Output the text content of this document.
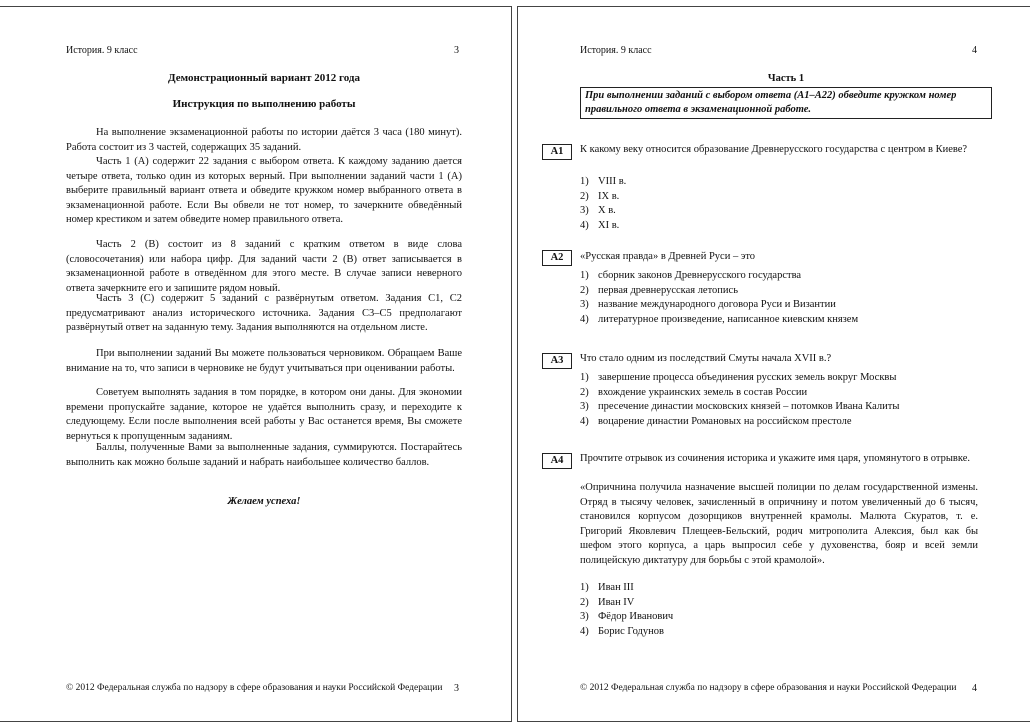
История. 9 класс	3
Демонстрационный вариант 2012 года
Инструкция по выполнению работы

На выполнение экзаменационной работы по истории даётся 3 часа (180 минут). Работа состоит из 3 частей, содержащих 35 заданий.

Часть 1 (А) содержит 22 задания с выбором ответа. К каждому заданию дается четыре ответа, только один из которых верный. При выполнении заданий части 1 (А) выберите правильный вариант ответа и обведите кружком номер выбранного ответа в экзаменационной работе. Если Вы обвели не тот номер, то зачеркните обведённый номер крестиком и затем обведите номер правильного ответа.

Часть 2 (В) состоит из 8 заданий с кратким ответом в виде слова (словосочетания) или набора цифр. Для заданий части 2 (В) ответ записывается в экзаменационной работе в отведённом для этого месте. В случае записи неверного ответа зачеркните его и запишите рядом новый.

Часть 3 (С) содержит 5 заданий с развёрнутым ответом. Задания С1, С2 предусматривают анализ исторического источника. Задания С3–С5 предполагают развёрнутый ответ на заданную тему. Задания выполняются на отдельном листе.

При выполнении заданий Вы можете пользоваться черновиком. Обращаем Ваше внимание на то, что записи в черновике не будут учитываться при оценивании работы.

Советуем выполнять задания в том порядке, в котором они даны. Для экономии времени пропускайте задание, которое не удаётся выполнить сразу, и переходите к следующему. Если после выполнения всей работы у Вас останется время, Вы сможете вернуться к пропущенным заданиям.

Баллы, полученные Вами за выполненные задания, суммируются. Постарайтесь выполнить как можно больше заданий и набрать наибольшее количество баллов.

Желаем успеха!
© 2012 Федеральная служба по надзору в сфере образования и науки Российской Федерации 3
История. 9 класс	4
Часть 1
При выполнении заданий с выбором ответа (А1–А22) обведите кружком номер правильного ответа в экзаменационной работе.
А1	К какому веку относится образование Древнерусского государства с центром в Киеве?

1) VIII в.
2) IX в.
3) X в.
4) XI в.
А2	«Русская правда» в Древней Руси – это

1) сборник законов Древнерусского государства
2) первая древнерусская летопись
3) название международного договора Руси и Византии
4) литературное произведение, написанное киевским князем
А3	Что стало одним из последствий Смуты начала XVII в.?

1) завершение процесса объединения русских земель вокруг Москвы
2) вхождение украинских земель в состав России
3) пресечение династии московских князей – потомков Ивана Калиты
4) воцарение династии Романовых на российском престоле
А4	Прочтите отрывок из сочинения историка и укажите имя царя, упомянутого в отрывке.

«Опричнина получила назначение высшей полиции по делам государственной измены. Отряд в тысячу человек, зачисленный в опричнину и потом увеличенный до 6 тысяч, становился корпусом дозорщиков внутренней крамолы. Малюта Скуратов, т. е. Григорий Яковлевич Плещеев-Бельский, родич митрополита Алексия, был как бы шефом этого корпуса, а царь выпросил себе у духовенства, бояр и всей земли полицейскую диктатуру для борьбы с этой крамолой».

1) Иван III
2) Иван IV
3) Фёдор Иванович
4) Борис Годунов
© 2012 Федеральная служба по надзору в сфере образования и науки Российской Федерации 4
